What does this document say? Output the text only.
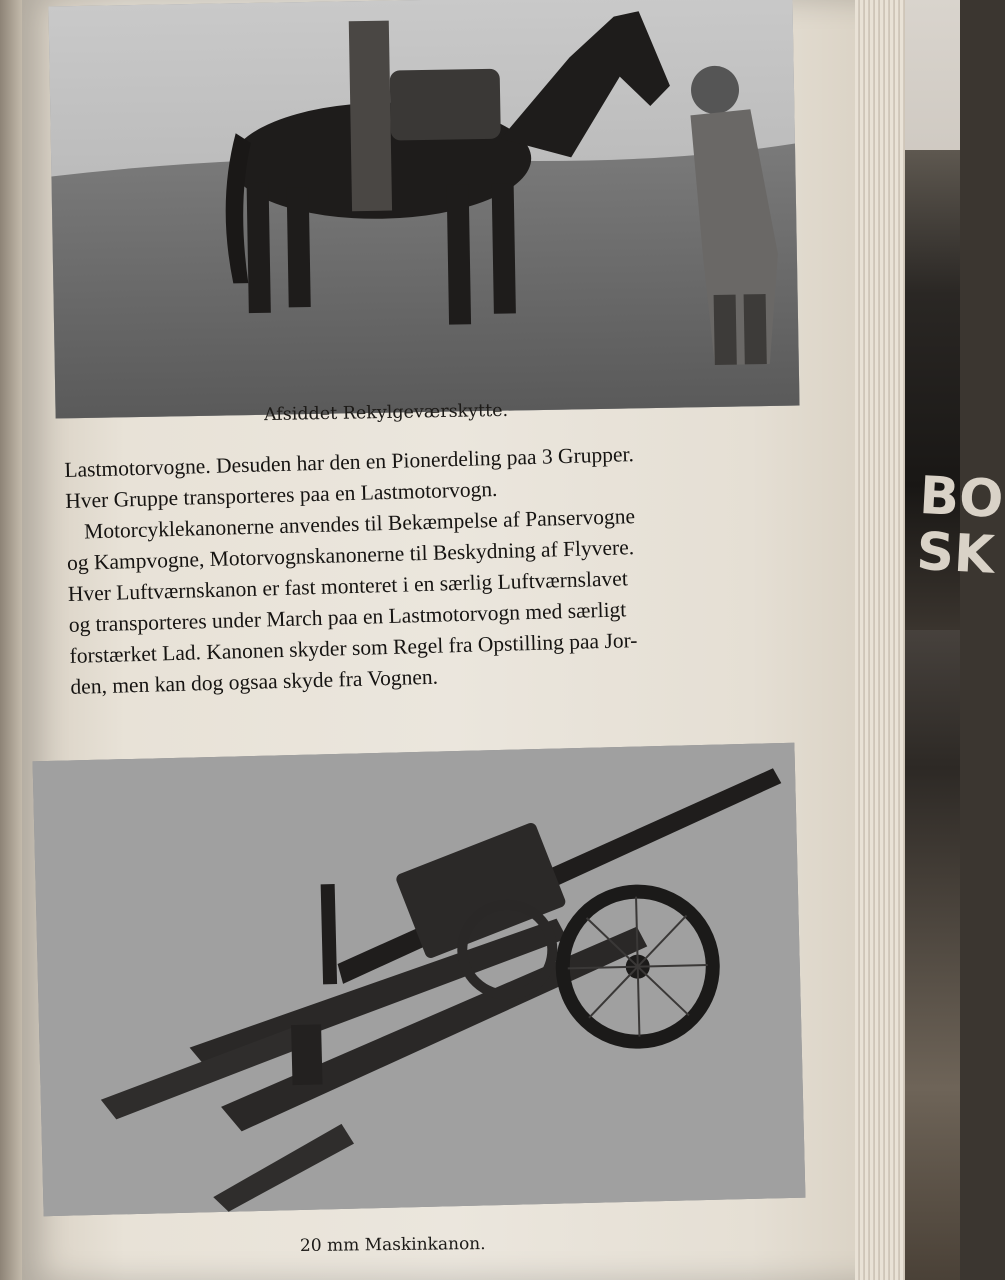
BO
SK

Afsiddet Rekylgeværskytte.

Lastmotorvogne. Desuden har den en Pionerdeling paa 3 Grupper.
Hver Gruppe transporteres paa en Lastmotorvogn.
Motorcyklekanonerne anvendes til Bekæmpelse af Panservogne
og Kampvogne, Motorvognskanonerne til Beskydning af Flyvere.
Hver Luftværnskanon er fast monteret i en særlig Luftværnslavet
og transporteres under March paa en Lastmotorvogn med særligt
forstærket Lad. Kanonen skyder som Regel fra Opstilling paa Jor-
den, men kan dog ogsaa skyde fra Vognen.

20 mm Maskinkanon.
